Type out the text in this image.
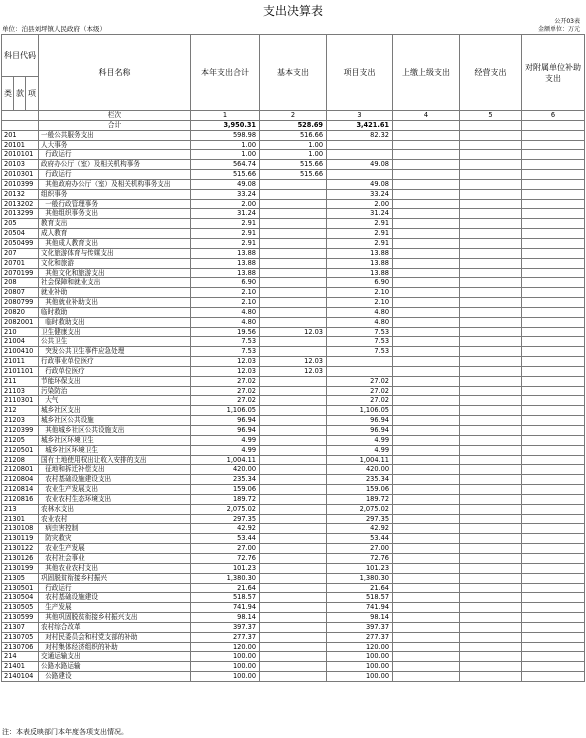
支出决算表
公开03表
单位：泊县刘坪镇人民政府（本级）	金额单位：万元
科目代码			科目名称	本年支出合计	基本支出	项目支出	上缴上级支出	经营支出	对附属单位补助支出
类	款	项							
			栏次	1	2	3	4	5	6
			合计	3,950.31	528.69	3,421.61			
201			一般公共服务支出	598.98	516.66	82.32			
20101			人大事务	1.00	1.00				
2010101			行政运行	1.00	1.00				
20103			政府办公厅（室）及相关机构事务	564.74	515.66	49.08			
2010301			行政运行	515.66	515.66				
2010399			其他政府办公厅（室）及相关机构事务支出	49.08		49.08			
20132			组织事务	33.24		33.24			
2013202			一般行政管理事务	2.00		2.00			
2013299			其他组织事务支出	31.24		31.24			
205			教育支出	2.91		2.91			
20504			成人教育	2.91		2.91			
2050499			其他成人教育支出	2.91		2.91			
207			文化旅游体育与传媒支出	13.88		13.88			
20701			文化和旅游	13.88		13.88			
2070199			其他文化和旅游支出	13.88		13.88			
208			社会保障和就业支出	6.90		6.90			
20807			就业补助	2.10		2.10			
2080799			其他就业补助支出	2.10		2.10			
20820			临时救助	4.80		4.80			
2082001			临时救助支出	4.80		4.80			
210			卫生健康支出	19.56	12.03	7.53			
21004			公共卫生	7.53		7.53			
2100410			突发公共卫生事件应急处理	7.53		7.53			
21011			行政事业单位医疗	12.03	12.03				
2101101			行政单位医疗	12.03	12.03				
211			节能环保支出	27.02		27.02			
21103			污染防治	27.02		27.02			
2110301			大气	27.02		27.02			
212			城乡社区支出	1,106.05		1,106.05			
21203			城乡社区公共设施	96.94		96.94			
2120399			其他城乡社区公共设施支出	96.94		96.94			
21205			城乡社区环境卫生	4.99		4.99			
2120501			城乡社区环境卫生	4.99		4.99			
21208			国有土地使用权出让收入安排的支出	1,004.11		1,004.11			
2120801			征地和拆迁补偿支出	420.00		420.00			
2120804			农村基础设施建设支出	235.34		235.34			
2120814			农业生产发展支出	159.06		159.06			
2120816			农业农村生态环境支出	189.72		189.72			
213			农林水支出	2,075.02		2,075.02			
21301			农业农村	297.35		297.35			
2130108			病虫害控制	42.92		42.92			
2130119			防灾救灾	53.44		53.44			
2130122			农业生产发展	27.00		27.00			
2130126			农村社会事业	72.76		72.76			
2130199			其他农业农村支出	101.23		101.23			
21305			巩固脱贫衔接乡村振兴	1,380.30		1,380.30			
2130501			行政运行	21.64		21.64			
2130504			农村基础设施建设	518.57		518.57			
2130505			生产发展	741.94		741.94			
2130599			其他巩固脱贫衔接乡村振兴支出	98.14		98.14			
21307			农村综合改革	397.37		397.37			
2130705			对村民委员会和村党支部的补助	277.37		277.37			
2130706			对村集体经济组织的补助	120.00		120.00			
214			交通运输支出	100.00		100.00			
21401			公路水路运输	100.00		100.00			
2140104			公路建设	100.00		100.00			
注：本表反映部门本年度各项支出情况。
